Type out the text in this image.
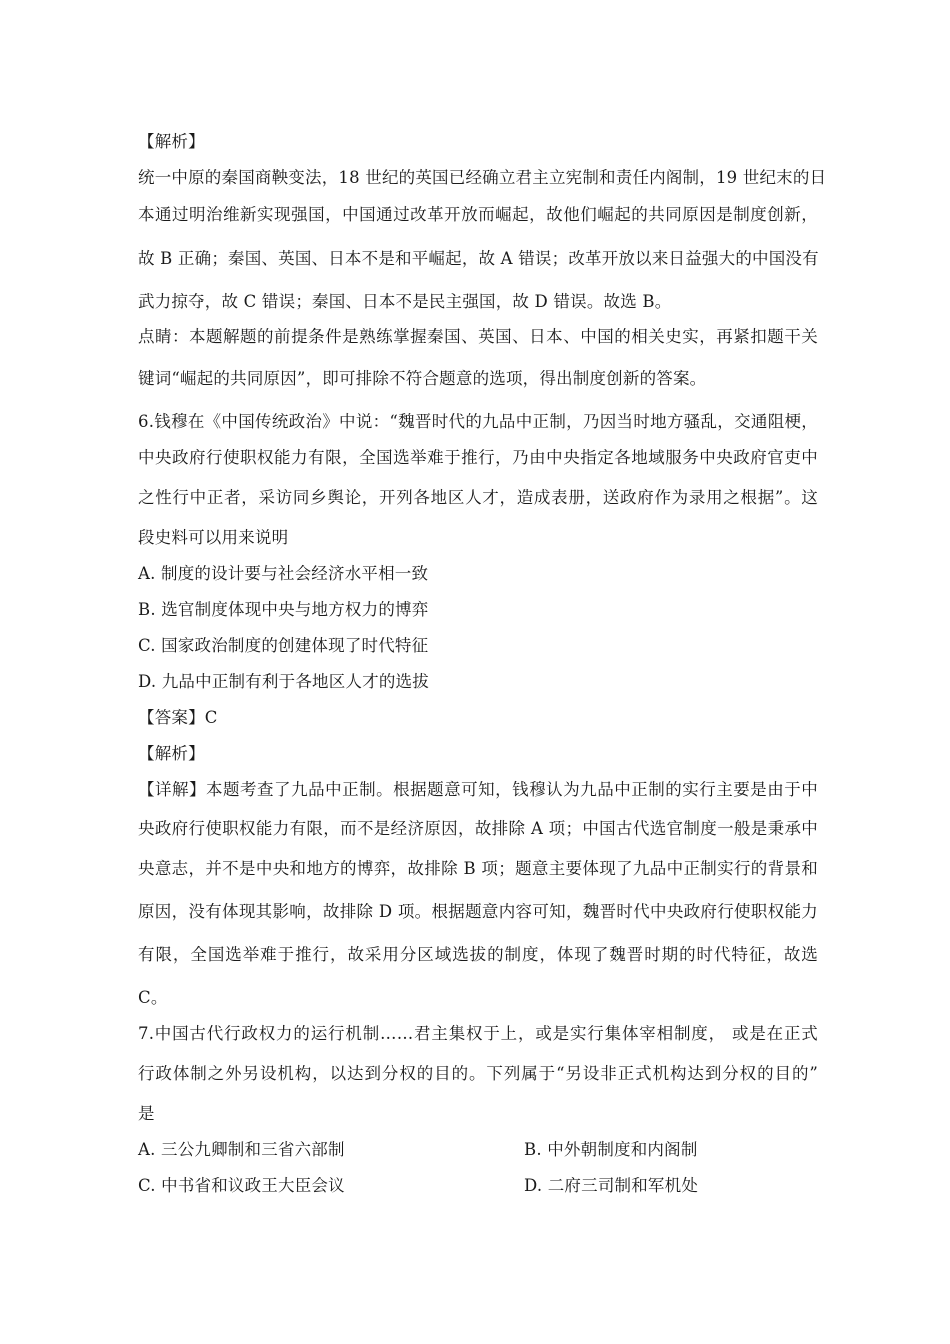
【解析】
统一中原的秦国商鞅变法，18 世纪的英国已经确立君主立宪制和责任内阁制，19 世纪末的日
本通过明治维新实现强国，中国通过改革开放而崛起，故他们崛起的共同原因是制度创新，
故 B 正确；秦国、英国、日本不是和平崛起，故 A 错误；改革开放以来日益强大的中国没有
武力掠夺，故 C 错误；秦国、日本不是民主强国，故 D 错误。故选 B。
点睛：本题解题的前提条件是熟练掌握秦国、英国、日本、中国的相关史实，再紧扣题干关
键词“崛起的共同原因”，即可排除不符合题意的选项，得出制度创新的答案。
6.钱穆在《中国传统政治》中说：“魏晋时代的九品中正制，乃因当时地方骚乱，交通阻梗，
中央政府行使职权能力有限，全国选举难于推行，乃由中央指定各地域服务中央政府官吏中
之性行中正者，采访同乡舆论，开列各地区人才，造成表册，送政府作为录用之根据”。这
段史料可以用来说明
A. 制度的设计要与社会经济水平相一致
B. 选官制度体现中央与地方权力的博弈
C. 国家政治制度的创建体现了时代特征
D. 九品中正制有利于各地区人才的选拔
【答案】C
【解析】
【详解】本题考查了九品中正制。根据题意可知，钱穆认为九品中正制的实行主要是由于中
央政府行使职权能力有限，而不是经济原因，故排除 A 项；中国古代选官制度一般是秉承中
央意志，并不是中央和地方的博弈，故排除 B 项；题意主要体现了九品中正制实行的背景和
原因，没有体现其影响，故排除 D 项。根据题意内容可知，魏晋时代中央政府行使职权能力
有限，全国选举难于推行，故采用分区域选拔的制度，体现了魏晋时期的时代特征，故选
C。
7.中国古代行政权力的运行机制……君主集权于上，或是实行集体宰相制度， 或是在正式
行政体制之外另设机构，以达到分权的目的。下列属于“另设非正式机构达到分权的目的”
是
A. 三公九卿制和三省六部制	B. 中外朝制度和内阁制
C. 中书省和议政王大臣会议	D. 二府三司制和军机处
